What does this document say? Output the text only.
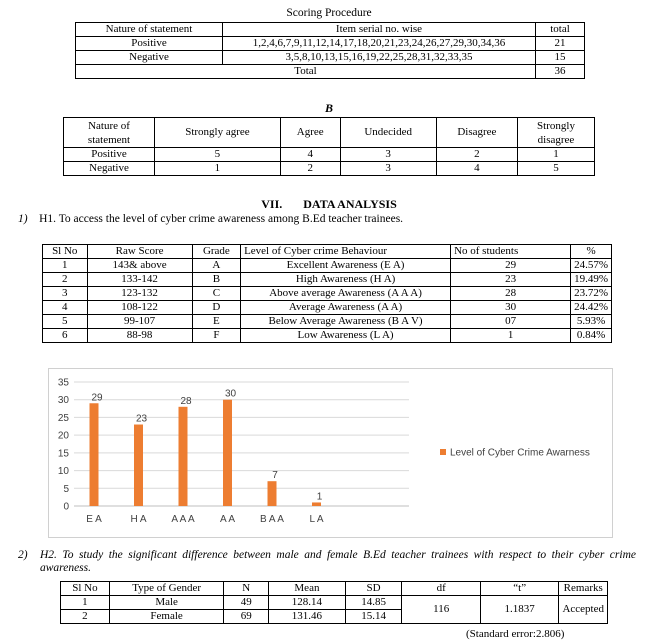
Scoring Procedure
Nature of statement	Item serial no. wise	total
Positive	1,2,4,6,7,9,11,12,14,17,18,20,21,23,24,26,27,29,30,34,36	21
Negative	3,5,8,10,13,15,16,19,22,25,28,31,32,33,35	15
Total		36
B
Nature of statement	Strongly agree	Agree	Undecided	Disagree	Strongly disagree
Positive	5	4	3	2	1
Negative	1	2	3	4	5
VII. DATA ANALYSIS
1) H1. To access the level of cyber crime awareness among B.Ed teacher trainees.
Sl No	Raw Score	Grade	Level of Cyber crime Behaviour	No of students	%
1	143& above	A	Excellent Awareness (E A)	29	24.57%
2	133-142	B	High Awareness (H A)	23	19.49%
3	123-132	C	Above average Awareness (A A A)	28	23.72%
4	108-122	D	Average Awareness (A A)	30	24.42%
5	99-107	E	Below Average Awareness (B A V)	07	5.93%
6	88-98	F	Low Awareness (L A)	1	0.84%
0
5
10
15
20
25
30
35
29
E A
23
H A
28
A A A
30
A A
7
B A A
1
L A
Level of Cyber Crime Awarness
2) H2. To study the significant difference between male and female B.Ed teacher trainees with respect to their cyber crime awareness.
Sl No	Type of Gender	N	Mean	SD	df	“t”	Remarks
1	Male	49	128.14	14.85	116	1.1837	Accepted
2	Female	69	131.46	15.14			
(Standard error:2.806)
